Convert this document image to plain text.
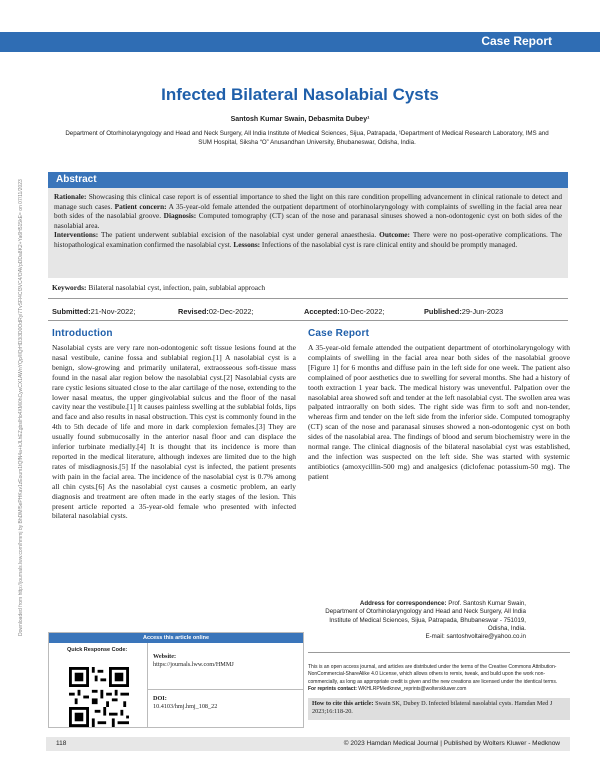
Case Report
Downloaded from http://journals.lww.com/hmmj by BhDMf5ePHKav1zEoum1tQfN4a+kJLhEZgbsIHo4XMi0hCywCX1AWnYQp/IlQrHD3i3D0OdRyi7TvSFl4Cf3VC4/OAVpDDa8K2+Ya6H515kE= on 07/11/2023
Infected Bilateral Nasolabial Cysts
Santosh Kumar Swain, Debasmita Dubey¹
Department of Otorhinolaryngology and Head and Neck Surgery, All India Institute of Medical Sciences, Sijua, Patrapada, ¹Department of Medical Research Laboratory, IMS and SUM Hospital, Siksha “O” Anusandhan University, Bhubaneswar, Odisha, India.
Abstract
Rationale: Showcasing this clinical case report is of essential importance to shed the light on this rare condition propelling advancement in clinical rationale to detect and manage such cases. Patient concern: A 35-year-old female attended the outpatient department of otorhinolaryngology with complaints of swelling in the facial area near both sides of the nasolabial groove. Diagnosis: Computed tomography (CT) scan of the nose and paranasal sinuses showed a non-odontogenic cyst on both sides of the nasolabial area.
Interventions: The patient underwent sublabial excision of the nasolabial cyst under general anaesthesia. Outcome: There were no post-operative complications. The histopathological examination confirmed the nasolabial cyst. Lessons: Infections of the nasolabial cyst is rare clinical entity and should be promptly managed.
Keywords: Bilateral nasolabial cyst, infection, pain, sublabial approach
Submitted: 21-Nov-2022;	Revised: 02-Dec-2022;	Accepted: 10-Dec-2022;	Published: 29-Jun-2023
Introduction

Nasolabial cysts are very rare non-odontogenic soft tissue lesions found at the nasal vestibule, canine fossa and sublabial region.[1] A nasolabial cyst is a benign, slow-growing and primarily unilateral, extraosseous soft-tissue mass found in the nasal alar region below the nasolabial cyst.[2] Nasolabial cysts are rare cystic lesions situated close to the alar cartilage of the nose, extending to the lower nasal meatus, the upper gingivolabial sulcus and the floor of the nasal cavity near the vestibule.[1] It causes painless swelling at the sublabial folds, lips and face and also results in nasal obstruction. This cyst is commonly found in the 4th to 5th decade of life and more in dark complexion females.[3] They are usually found submucosally in the anterior nasal floor and can displace the inferior turbinate medially.[4] It is thought that its incidence is more than reported in the medical literature, although indexes are limited due to the high rates of misdiagnosis.[5] If the nasolabial cyst is infected, the patient presents with pain in the facial area. The incidence of the nasolabial cyst is 0.7% among all chin cysts.[6] As the nasolabial cyst causes a cosmetic problem, an early diagnosis and treatment are often made in the early stages of the lesion. This present article reported a 35-year-old female who presented with infected bilateral nasolabial cysts.

Case Report

A 35-year-old female attended the outpatient department of otorhinolaryngology with complaints of swelling in the facial area near both sides of the nasolabial groove [Figure 1] for 6 months and diffuse pain in the left side for one week. The patient also complained of poor aesthetics due to swelling for several months. She had a history of tooth extraction 1 year back. The medical history was uneventful. Palpation over the nasolabial area showed soft and tender at the left nasolabial cyst. The swollen area was palpated intraorally on both sides. The right side was firm to soft and non-tender, whereas firm and tender on the left side from the inferior side. Computed tomography (CT) scan of the nose and paranasal sinuses showed a non-odontogenic cyst on both sides of the nasolabial area. The findings of blood and serum biochemistry were in the normal range. The clinical diagnosis of the bilateral nasolabial cyst was established, and the infection was suspected on the left side. She was started with systemic antibiotics (amoxycillin-500 mg) and analgesics (diclofenac potassium-50 mg). The patient

Address for correspondence: Prof. Santosh Kumar Swain,
Department of Otorhinolaryngology and Head and Neck Surgery, All India
Institute of Medical Sciences, Sijua, Patrapada, Bhubaneswar - 751019,
Odisha, India.
E-mail: santoshvoltaire@yahoo.co.in
Access this article online
Quick Response Code:
Website:
https://journals.lww.com/HMMJ
DOI:
10.4103/hmj.hmj_108_22
This is an open access journal, and articles are distributed under the terms of the Creative Commons Attribution-NonCommercial-ShareAlike 4.0 License, which allows others to remix, tweak, and build upon the work non-commercially, as long as appropriate credit is given and the new creations are licensed under the identical terms.
For reprints contact: WKHLRPMedknow_reprints@wolterskluwer.com
How to cite this article: Swain SK, Dubey D. Infected bilateral nasolabial cysts. Hamdan Med J 2023;16:118-20.
118	© 2023 Hamdan Medical Journal | Published by Wolters Kluwer - Medknow
